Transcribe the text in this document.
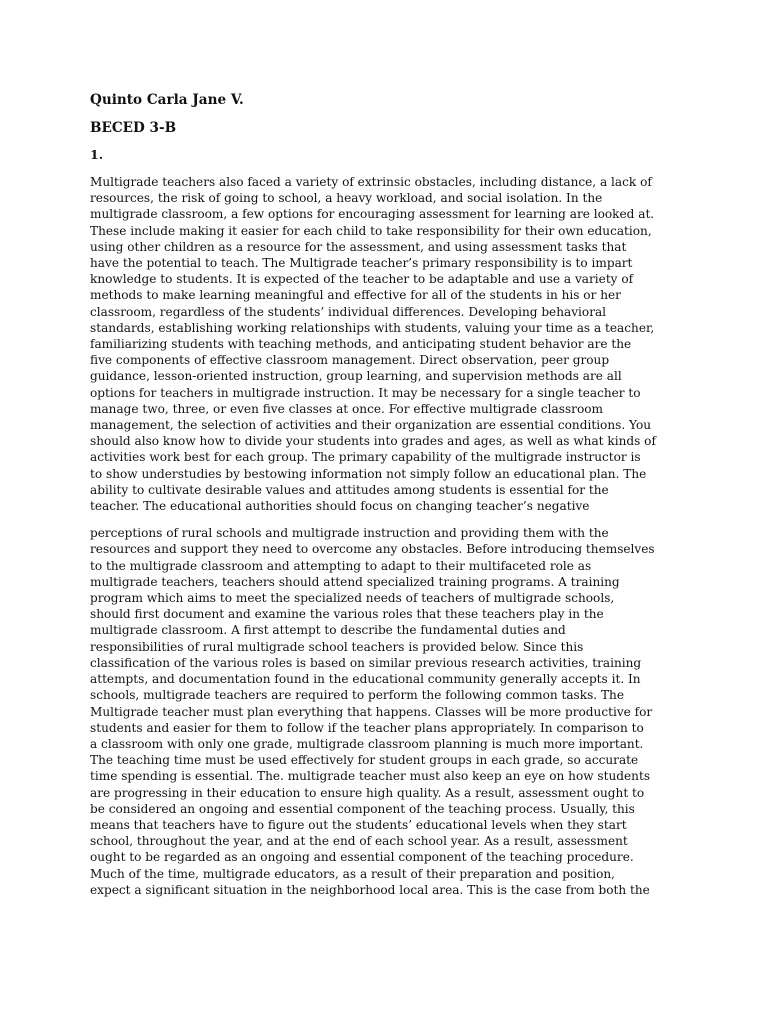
Quinto Carla Jane V.
BECED 3-B
1.
Multigrade teachers also faced a variety of extrinsic obstacles, including distance, a lack of
resources, the risk of going to school, a heavy workload, and social isolation. In the
multigrade classroom, a few options for encouraging assessment for learning are looked at.
These include making it easier for each child to take responsibility for their own education,
using other children as a resource for the assessment, and using assessment tasks that
have the potential to teach. The Multigrade teacher’s primary responsibility is to impart
knowledge to students. It is expected of the teacher to be adaptable and use a variety of
methods to make learning meaningful and effective for all of the students in his or her
classroom, regardless of the students’ individual differences. Developing behavioral
standards, establishing working relationships with students, valuing your time as a teacher,
familiarizing students with teaching methods, and anticipating student behavior are the
five components of effective classroom management. Direct observation, peer group
guidance, lesson-oriented instruction, group learning, and supervision methods are all
options for teachers in multigrade instruction. It may be necessary for a single teacher to
manage two, three, or even five classes at once. For effective multigrade classroom
management, the selection of activities and their organization are essential conditions. You
should also know how to divide your students into grades and ages, as well as what kinds of
activities work best for each group. The primary capability of the multigrade instructor is
to show understudies by bestowing information not simply follow an educational plan. The
ability to cultivate desirable values and attitudes among students is essential for the
teacher. The educational authorities should focus on changing teacher’s negative
perceptions of rural schools and multigrade instruction and providing them with the
resources and support they need to overcome any obstacles. Before introducing themselves
to the multigrade classroom and attempting to adapt to their multifaceted role as
multigrade teachers, teachers should attend specialized training programs. A training
program which aims to meet the specialized needs of teachers of multigrade schools,
should first document and examine the various roles that these teachers play in the
multigrade classroom. A first attempt to describe the fundamental duties and
responsibilities of rural multigrade school teachers is provided below. Since this
classification of the various roles is based on similar previous research activities, training
attempts, and documentation found in the educational community generally accepts it. In
schools, multigrade teachers are required to perform the following common tasks. The
Multigrade teacher must plan everything that happens. Classes will be more productive for
students and easier for them to follow if the teacher plans appropriately. In comparison to
a classroom with only one grade, multigrade classroom planning is much more important.
The teaching time must be used effectively for student groups in each grade, so accurate
time spending is essential. The. multigrade teacher must also keep an eye on how students
are progressing in their education to ensure high quality. As a result, assessment ought to
be considered an ongoing and essential component of the teaching process. Usually, this
means that teachers have to figure out the students’ educational levels when they start
school, throughout the year, and at the end of each school year. As a result, assessment
ought to be regarded as an ongoing and essential component of the teaching procedure.
Much of the time, multigrade educators, as a result of their preparation and position,
expect a significant situation in the neighborhood local area. This is the case from both the
